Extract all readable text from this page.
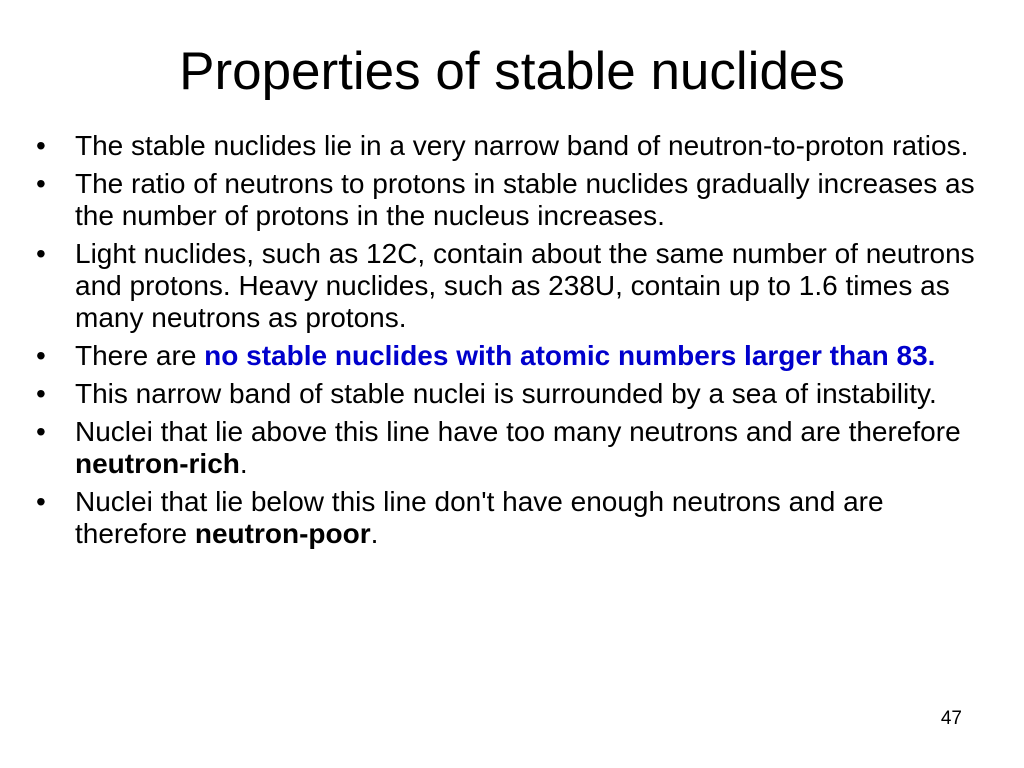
Properties of stable nuclides
• The stable nuclides lie in a very narrow band of neutron-to-proton ratios.
• The ratio of neutrons to protons in stable nuclides gradually increases as the number of protons in the nucleus increases.
• Light nuclides, such as 12C, contain about the same number of neutrons and protons. Heavy nuclides, such as 238U, contain up to 1.6 times as many neutrons as protons.
• There are no stable nuclides with atomic numbers larger than 83.
• This narrow band of stable nuclei is surrounded by a sea of instability.
• Nuclei that lie above this line have too many neutrons and are therefore neutron-rich.
• Nuclei that lie below this line don't have enough neutrons and are therefore neutron-poor.
47
